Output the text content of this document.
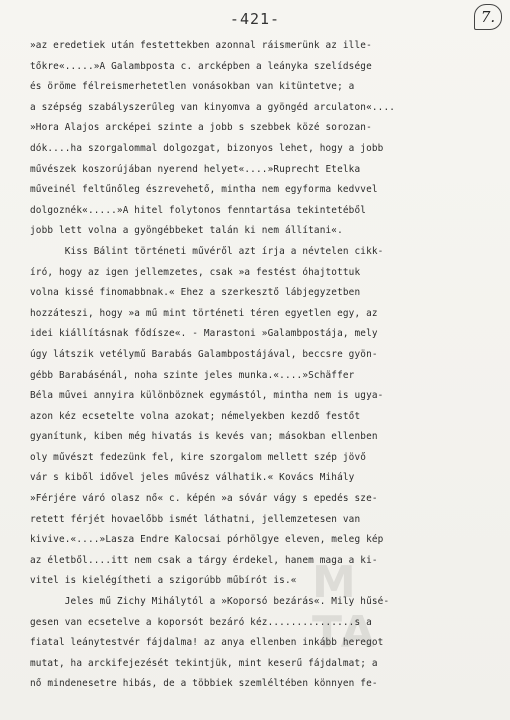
-421-	7.
»az eredetiek után festettekben azonnal ráismerünk az ille-
tőkre«.....»A Galambposta c. arcképben a leányka szelídsége
és öröme félreismerhetetlen vonásokban van kitüntetve; a
a szépség szabályszerűleg van kinyomva a gyöngéd arculaton«....
»Hora Alajos arcképei szinte a jobb s szebbek közé sorozan-
dók....ha szorgalommal dolgozgat, bizonyos lehet, hogy a jobb
művészek koszorújában nyerend helyet«....»Ruprecht Etelka
műveinél feltűnőleg észrevehető, mintha nem egyforma kedvvel
dolgoznék«.....»A hitel folytonos fenntartása tekintetéből
jobb lett volna a gyöngébbeket talán ki nem állítani«.
Kiss Bálint történeti művéről azt írja a névtelen cikk-
író, hogy az igen jellemzetes, csak »a festést óhajtottuk
volna kissé finomabbnak.« Ehez a szerkesztő lábjegyzetben
hozzáteszi, hogy »a mű mint történeti téren egyetlen egy, az
idei kiállításnak fődísze«. - Marastoni »Galambpostája, mely
úgy látszik vetélymű Barabás Galambpostájával, beccsre gyön-
gébb Barabásénál, noha szinte jeles munka.«....»Schäffer
Béla művei annyira különböznek egymástól, mintha nem is ugya-
azon kéz ecsetelte volna azokat; némelyekben kezdő festőt
gyanítunk, kiben még hivatás is kevés van; másokban ellenben
oly művészt fedezünk fel, kire szorgalom mellett szép jövő
vár s kiből idővel jeles művész válhatik.« Kovács Mihály
»Férjére váró olasz nő« c. képén »a sóvár vágy s epedés sze-
retett férjét hovaelőbb ismét láthatni, jellemzetesen van
kivive.«....»Lasza Endre Kalocsai pórhölgye eleven, meleg kép
az életből....itt nem csak a tárgy érdekel, hanem maga a ki-
vitel is kielégítheti a szigorúbb műbírót is.«
Jeles mű Zichy Mihálytól a »Koporsó bezárás«. Mily hűsé-
gesen van ecsetelve a koporsót bezáró kéz...............s a
fiatal leánytestvér fájdalma! az anya ellenben inkább heregot
mutat, ha arckifejezését tekintjük, mint keserű fájdalmat; a
nő mindenesetre hibás, de a többiek szemléltében könnyen fe-
M
TA
